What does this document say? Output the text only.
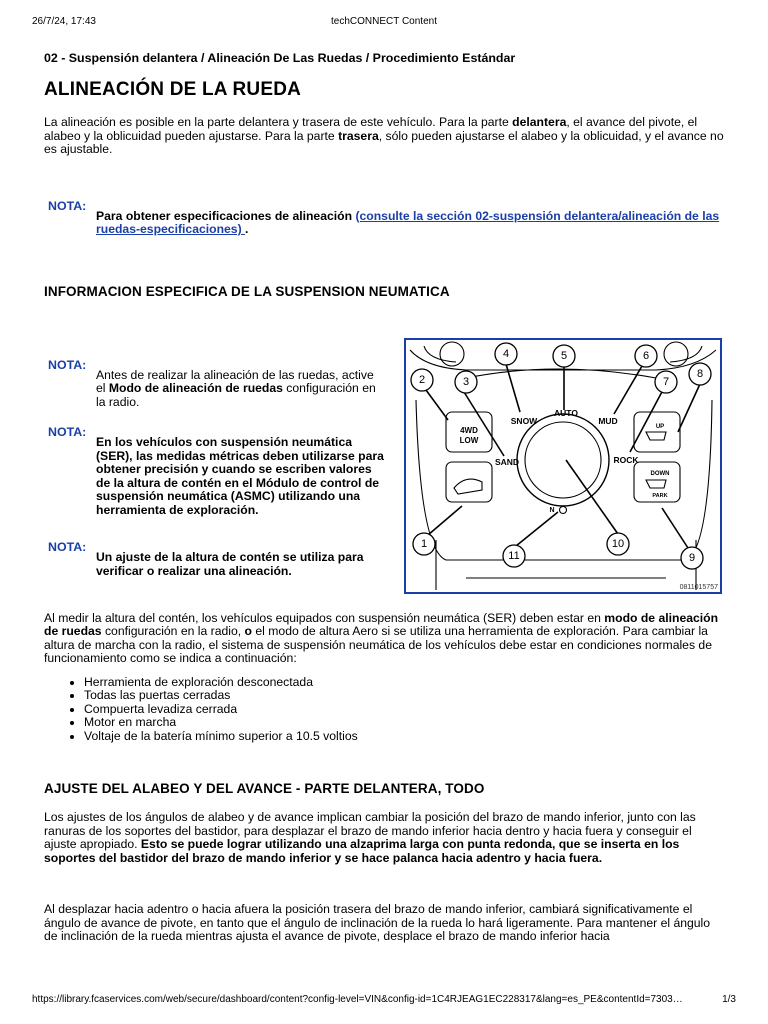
26/7/24, 17:43	techCONNECT Content
02 - Suspensión delantera / Alineación De Las Ruedas / Procedimiento Estándar
ALINEACIÓN DE LA RUEDA

La alineación es posible en la parte delantera y trasera de este vehículo. Para la parte delantera, el avance del pivote, el alabeo y la oblicuidad pueden ajustarse. Para la parte trasera, sólo pueden ajustarse el alabeo y la oblicuidad, y el avance no es ajustable.

NOTA:
Para obtener especificaciones de alineación (consulte la sección 02-suspensión delantera/alineación de las ruedas-especificaciones) .
INFORMACION ESPECIFICA DE LA SUSPENSION NEUMATICA
NOTA:
Antes de realizar la alineación de las ruedas, active el Modo de alineación de ruedas configuración en la radio.
NOTA:
En los vehículos con suspensión neumática (SER), las medidas métricas deben utilizarse para obtener precisión y cuando se escriben valores de la altura de contén en el Módulo de control de suspensión neumática (ASMC) utilizando una herramienta de exploración.
NOTA:
Un ajuste de la altura de contén se utiliza para verificar o realizar una alineación.
SNOW
AUTO
MUD
SAND	ROCK
4WD
LOW
UP
DOWN
PARK
N
1
2	3
4	5	6
7
8
9
10
11
0811015757

Al medir la altura del contén, los vehículos equipados con suspensión neumática (SER) deben estar en modo de alineación de ruedas configuración en la radio, o el modo de altura Aero si se utiliza una herramienta de exploración. Para cambiar la altura de marcha con la radio, el sistema de suspensión neumática de los vehículos debe estar en condiciones normales de funcionamiento como se indica a continuación:

• Herramienta de exploración desconectada
• Todas las puertas cerradas
• Compuerta levadiza cerrada
• Motor en marcha
• Voltaje de la batería mínimo superior a 10.5 voltios
AJUSTE DEL ALABEO Y DEL AVANCE - PARTE DELANTERA, TODO

Los ajustes de los ángulos de alabeo y de avance implican cambiar la posición del brazo de mando inferior, junto con las ranuras de los soportes del bastidor, para desplazar el brazo de mando inferior hacia dentro y hacia fuera y conseguir el ajuste apropiado. Esto se puede lograr utilizando una alzaprima larga con punta redonda, que se inserta en los soportes del bastidor del brazo de mando inferior y se hace palanca hacia adentro y hacia fuera.

Al desplazar hacia adentro o hacia afuera la posición trasera del brazo de mando inferior, cambiará significativamente el ángulo de avance de pivote, en tanto que el ángulo de inclinación de la rueda lo hará ligeramente. Para mantener el ángulo de inclinación de la rueda mientras ajusta el avance de pivote, desplace el brazo de mando inferior hacia

https://library.fcaservices.com/web/secure/dashboard/content?config-level=VIN&config-id=1C4RJEAG1EC228317&lang=es_PE&contentId=7303…	1/3
